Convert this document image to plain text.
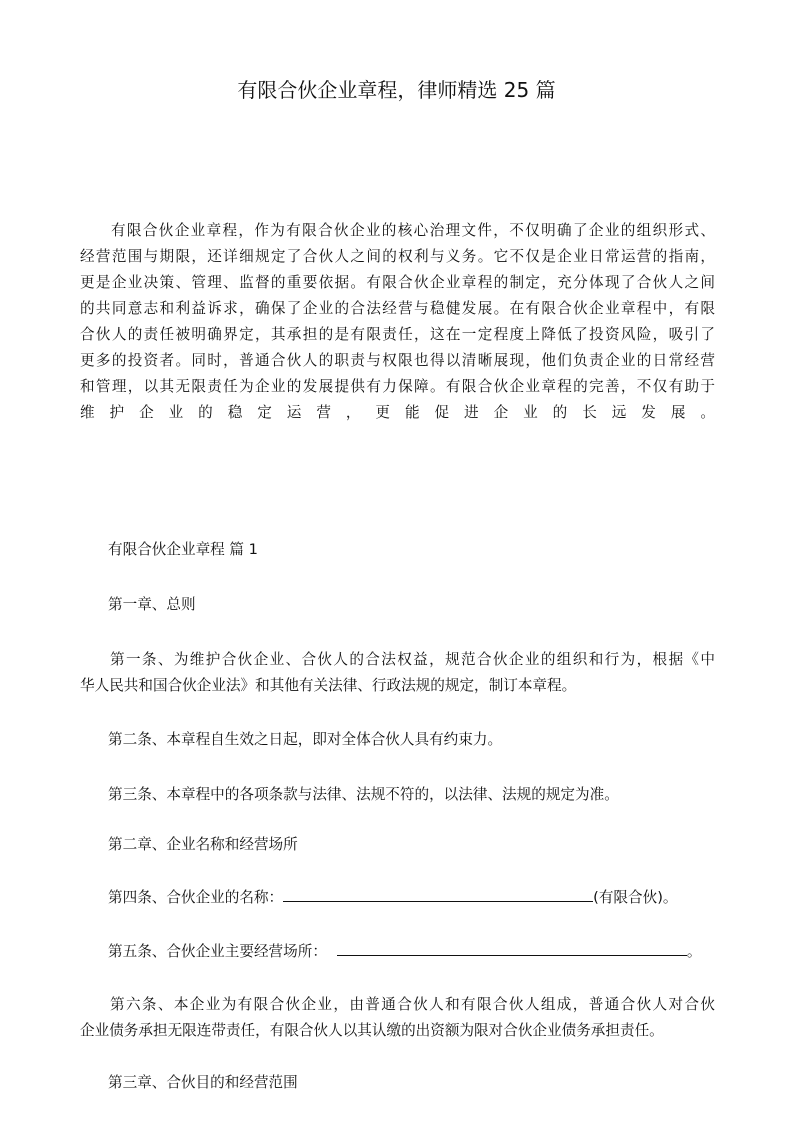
有限合伙企业章程，律师精选 25 篇
有限合伙企业章程，作为有限合伙企业的核心治理文件，不仅明确了企业的组织形式、
经营范围与期限，还详细规定了合伙人之间的权利与义务。它不仅是企业日常运营的指南，
更是企业决策、管理、监督的重要依据。有限合伙企业章程的制定，充分体现了合伙人之间
的共同意志和利益诉求，确保了企业的合法经营与稳健发展。在有限合伙企业章程中，有限
合伙人的责任被明确界定，其承担的是有限责任，这在一定程度上降低了投资风险，吸引了
更多的投资者。同时，普通合伙人的职责与权限也得以清晰展现，他们负责企业的日常经营
和管理，以其无限责任为企业的发展提供有力保障。有限合伙企业章程的完善，不仅有助于
维护企业的稳定运营，更能促进企业的长远发展。
有限合伙企业章程 篇 1
第一章、总则
第一条、为维护合伙企业、合伙人的合法权益，规范合伙企业的组织和行为，根据《中
华人民共和国合伙企业法》和其他有关法律、行政法规的规定，制订本章程。
第二条、本章程自生效之日起，即对全体合伙人具有约束力。
第三条、本章程中的各项条款与法律、法规不符的，以法律、法规的规定为准。
第二章、企业名称和经营场所
第四条、合伙企业的名称：	(有限合伙)。
第五条、合伙企业主要经营场所：	。
第六条、本企业为有限合伙企业，由普通合伙人和有限合伙人组成，普通合伙人对合伙
企业债务承担无限连带责任，有限合伙人以其认缴的出资额为限对合伙企业债务承担责任。
第三章、合伙目的和经营范围
